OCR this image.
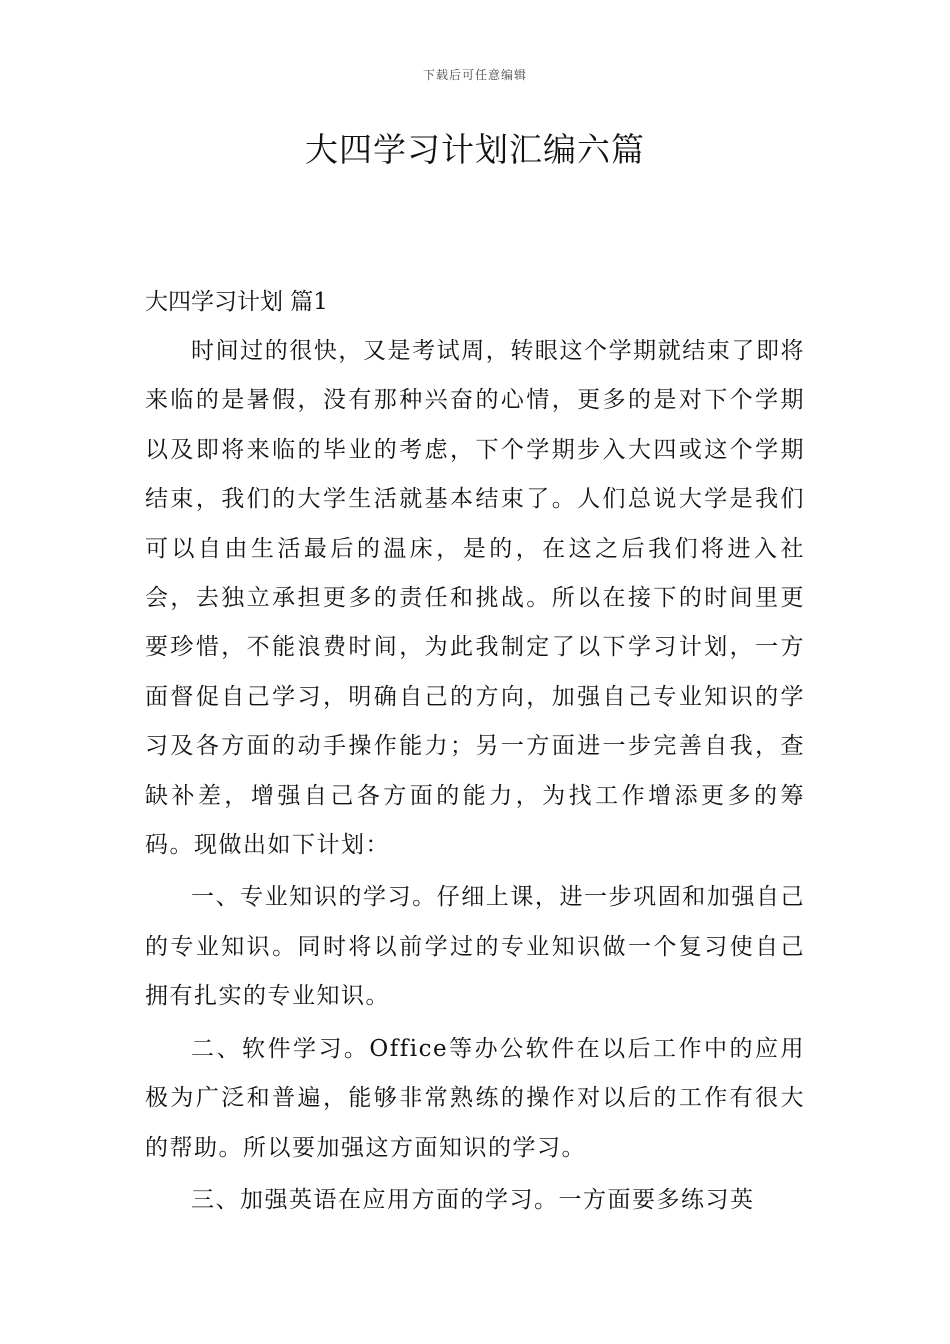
下载后可任意编辑
大四学习计划汇编六篇

大四学习计划 篇1

时间过的很快，又是考试周，转眼这个学期就结束了即将来临的是暑假，没有那种兴奋的心情，更多的是对下个学期以及即将来临的毕业的考虑，下个学期步入大四或这个学期结束，我们的大学生活就基本结束了。人们总说大学是我们可以自由生活最后的温床，是的，在这之后我们将进入社会，去独立承担更多的责任和挑战。所以在接下的时间里更要珍惜，不能浪费时间，为此我制定了以下学习计划，一方面督促自己学习，明确自己的方向，加强自己专业知识的学习及各方面的动手操作能力；另一方面进一步完善自我，查缺补差，增强自己各方面的能力，为找工作增添更多的筹码。现做出如下计划：

一、专业知识的学习。仔细上课，进一步巩固和加强自己的专业知识。同时将以前学过的专业知识做一个复习使自己拥有扎实的专业知识。

二、软件学习。Office等办公软件在以后工作中的应用极为广泛和普遍，能够非常熟练的操作对以后的工作有很大的帮助。所以要加强这方面知识的学习。

三、加强英语在应用方面的学习。一方面要多练习英
